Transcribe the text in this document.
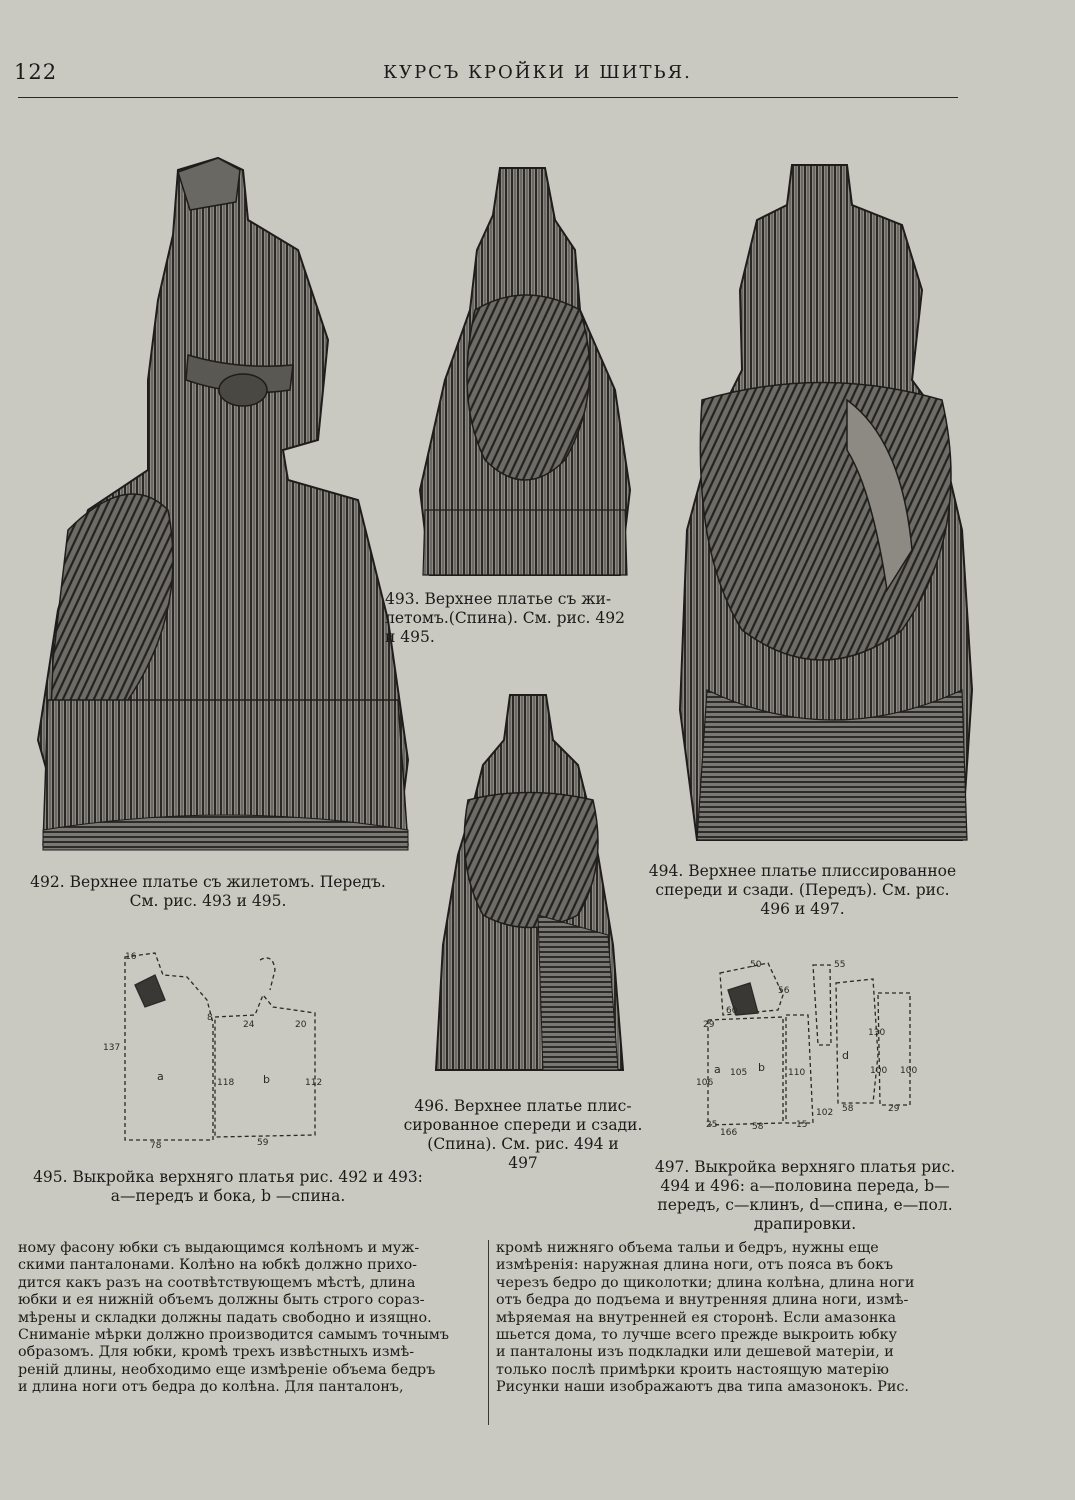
122	КУРСЪ КРОЙКИ И ШИТЬЯ.
492. Верхнее платье съ жилетомъ. Передъ.
См. рис. 493 и 495.
493. Верхнее платье съ жи-
летомъ.(Спина). См. рис. 492
и 495.
494. Верхнее платье плиссированное
спереди и сзади. (Передъ). См. рис.
496 и 497.
496. Верхнее платье плис-
сированное спереди и сзади.
(Спина). См. рис. 494 и
497
16
137
8
24	20
118	112
78	59
a	b
495. Выкройка верхняго платья рис. 492 и 493:
а—передъ и бока, b —спина.
50	55
56
29
60
130
105
106
110	100 100
25
166
58	15
102 58	29
a	b
d
497. Выкройка верхняго платья рис.
494 и 496: а—половина переда, b—
передъ, с—клинъ, d—спина, е—пол.
драпировки.

ному фасону юбки съ выдающимся колѣномъ и муж-
скими панталонами. Колѣно на юбкѣ должно прихо-
дится какъ разъ на соотвѣтствующемъ мѣстѣ, длина
юбки и ея нижній объемъ должны быть строго сораз-
мѣрены и складки должны падать свободно и изящно.
Сниманіе мѣрки должно производится самымъ точнымъ
образомъ. Для юбки, кромѣ трехъ извѣстныхъ измѣ-
реній длины, необходимо еще измѣреніе объема бедръ
и длина ноги отъ бедра до колѣна. Для панталонъ,

кромѣ нижняго объема тальи и бедръ, нужны еще
измѣренія: наружная длина ноги, отъ пояса въ бокъ
черезъ бедро до щиколотки; длина колѣна, длина ноги
отъ бедра до подъема и внутренняя длина ноги, измѣ-
мѣряемая на внутренней ея сторонѣ. Если амазонка
шьется дома, то лучше всего прежде выкроить юбку
и панталоны изъ подкладки или дешевой матеріи, и
только послѣ примѣрки кроить настоящую матерію
Рисунки наши изображаютъ два типа амазонокъ. Рис.
